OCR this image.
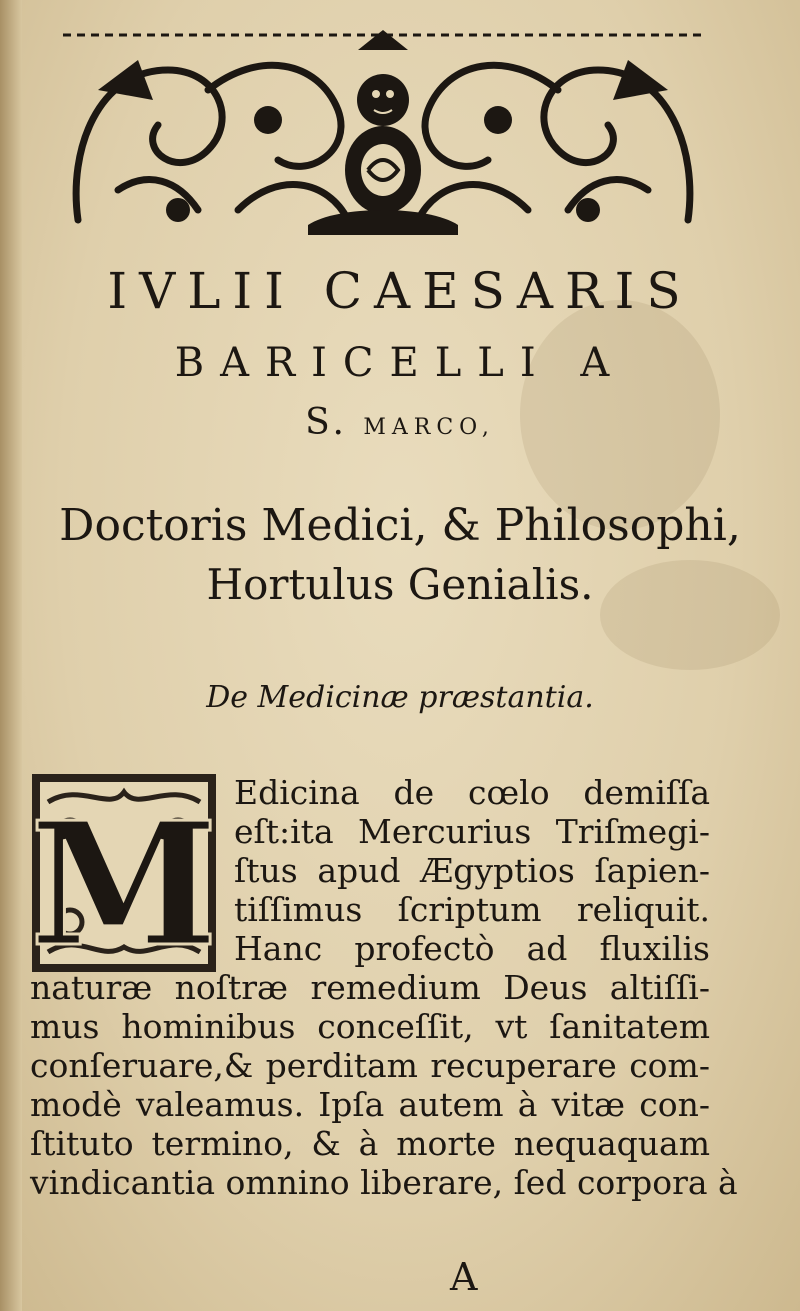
IVLII CAESARIS
BARICELLI A
S. MARCO,
Doctoris Medici, & Philosophi,
Hortulus Genialis.
De Medicinæ præstantia.
M Edicina de cœlo demiſſa
eſt:ita Mercurius Triſmegi-
ſtus apud Ægyptios ſapien-
tiſſimus ſcriptum reliquit.
Hanc profectò ad fluxilis
naturæ noſtræ remedium Deus altiſſi-
mus hominibus conceſſit, vt ſanitatem
conſeruare,& perditam recuperare com-
modè valeamus. Ipſa autem à vitæ con-
ſtituto termino, & à morte nequaquam
vindicantia omnino liberare, ſed corpora à
A
